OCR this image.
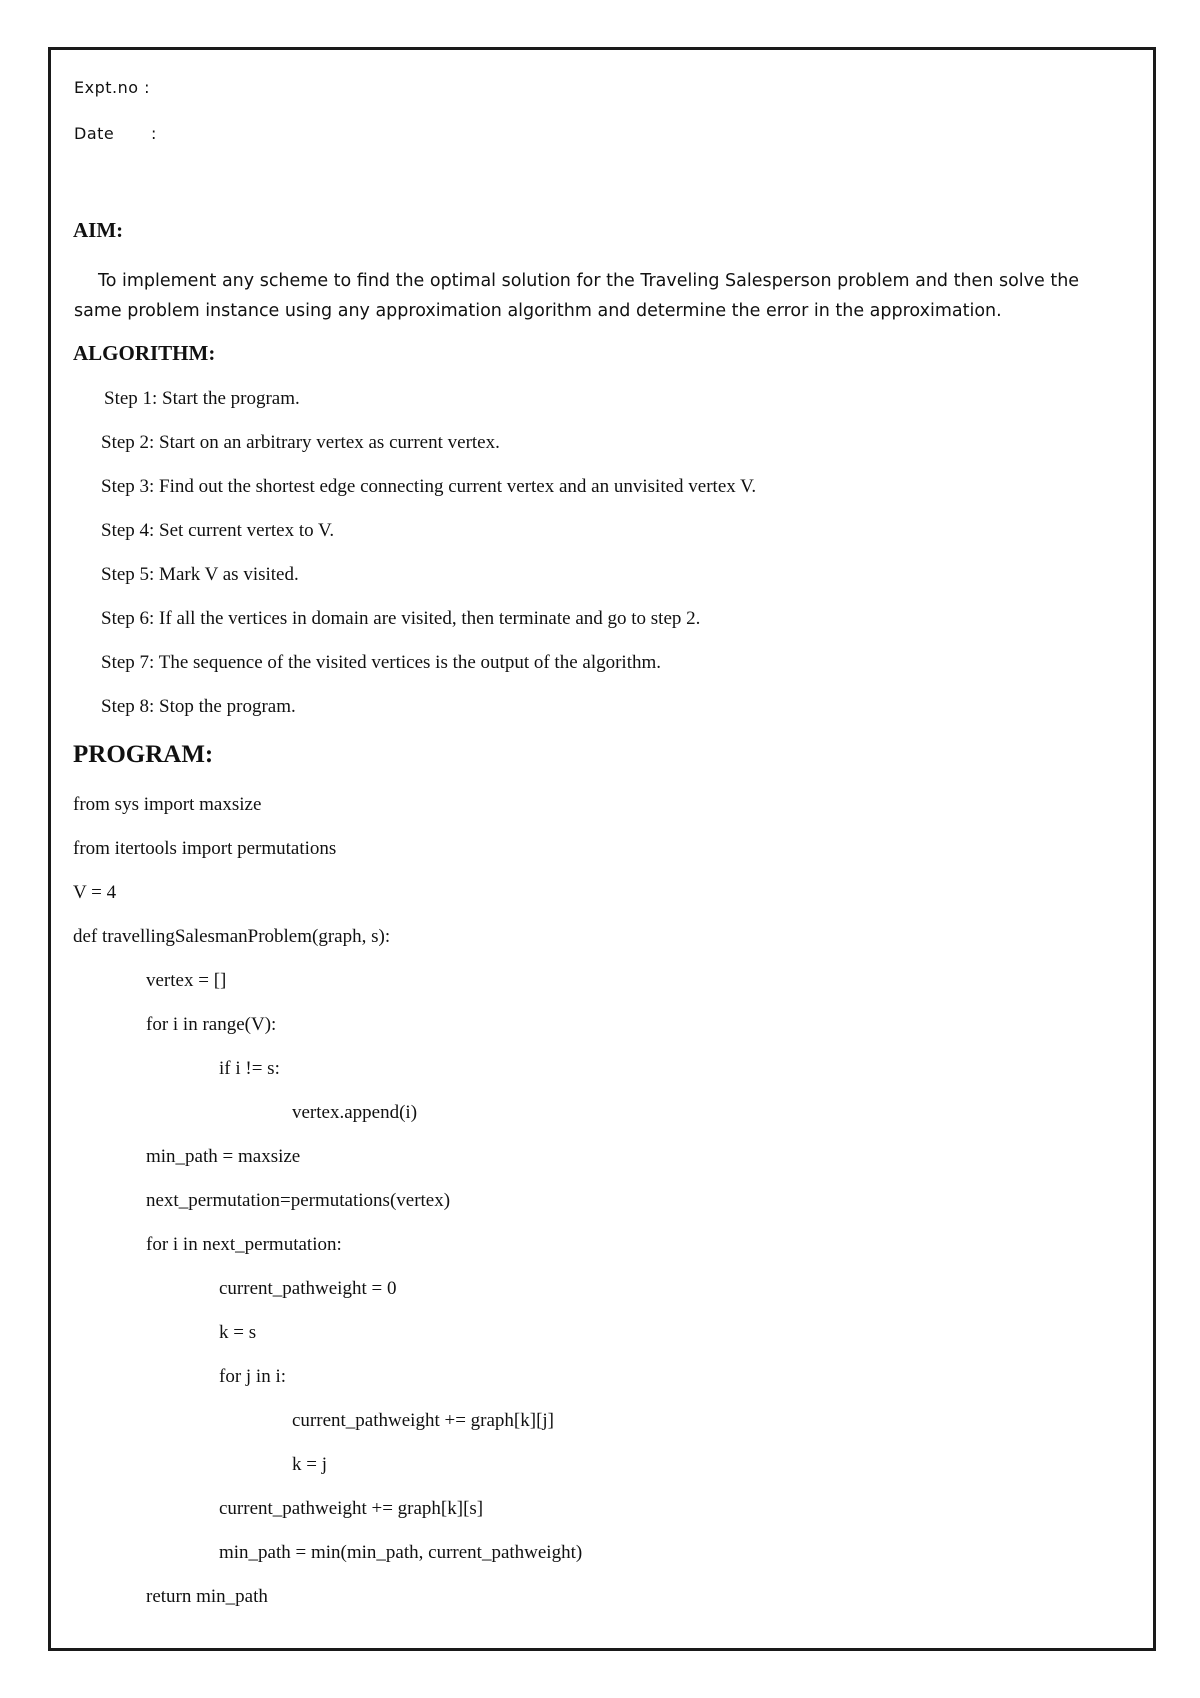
Expt.no :
Date :
AIM:
To implement any scheme to find the optimal solution for the Traveling Salesperson problem and then solve the same problem instance using any approximation algorithm and determine the error in the approximation.
ALGORITHM:
Step 1: Start the program.
Step 2: Start on an arbitrary vertex as current vertex.
Step 3: Find out the shortest edge connecting current vertex and an unvisited vertex V.
Step 4: Set current vertex to V.
Step 5: Mark V as visited.
Step 6: If all the vertices in domain are visited, then terminate and go to step 2.
Step 7: The sequence of the visited vertices is the output of the algorithm.
Step 8: Stop the program.
PROGRAM:
from sys import maxsize
from itertools import permutations
V = 4
def travellingSalesmanProblem(graph, s):
vertex = []
for i in range(V):
if i != s:
vertex.append(i)
min_path = maxsize
next_permutation=permutations(vertex)
for i in next_permutation:
current_pathweight = 0
k = s
for j in i:
current_pathweight += graph[k][j]
k = j
current_pathweight += graph[k][s]
min_path = min(min_path, current_pathweight)
return min_path
